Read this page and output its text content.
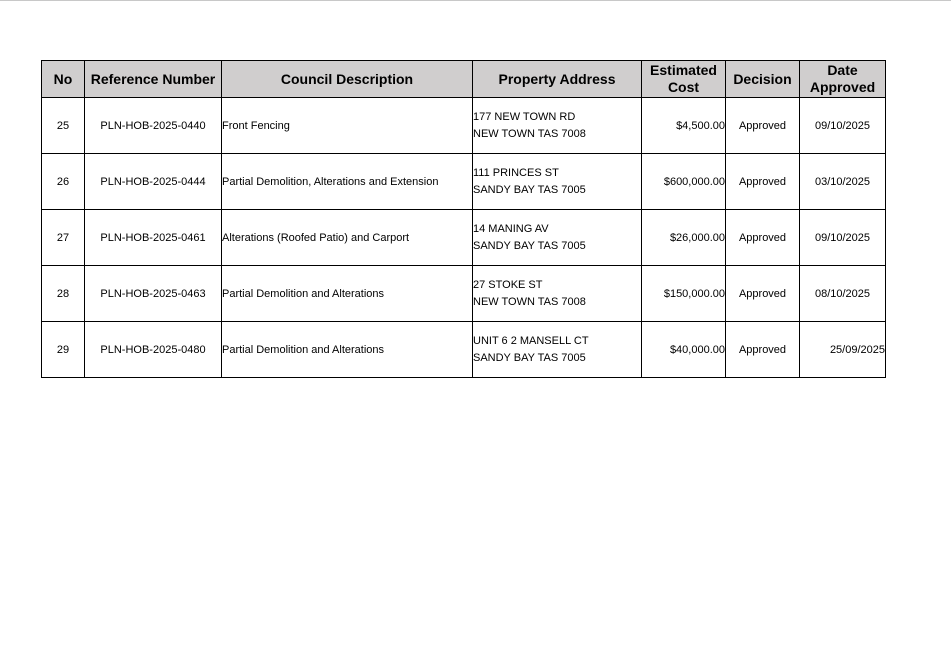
No	Reference Number	Council Description	Property Address	Estimated
Cost	Decision	Date
Approved
25	PLN-HOB-2025-0440	Front Fencing	177 NEW TOWN RD
NEW TOWN TAS 7008	$4,500.00	Approved	09/10/2025
26	PLN-HOB-2025-0444	Partial Demolition, Alterations and Extension	111 PRINCES ST
SANDY BAY TAS 7005	$600,000.00	Approved	03/10/2025
27	PLN-HOB-2025-0461	Alterations (Roofed Patio) and Carport	14 MANING AV
SANDY BAY TAS 7005	$26,000.00	Approved	09/10/2025
28	PLN-HOB-2025-0463	Partial Demolition and Alterations	27 STOKE ST
NEW TOWN TAS 7008	$150,000.00	Approved	08/10/2025
29	PLN-HOB-2025-0480	Partial Demolition and Alterations	UNIT 6 2 MANSELL CT
SANDY BAY TAS 7005	$40,000.00	Approved	25/09/2025
